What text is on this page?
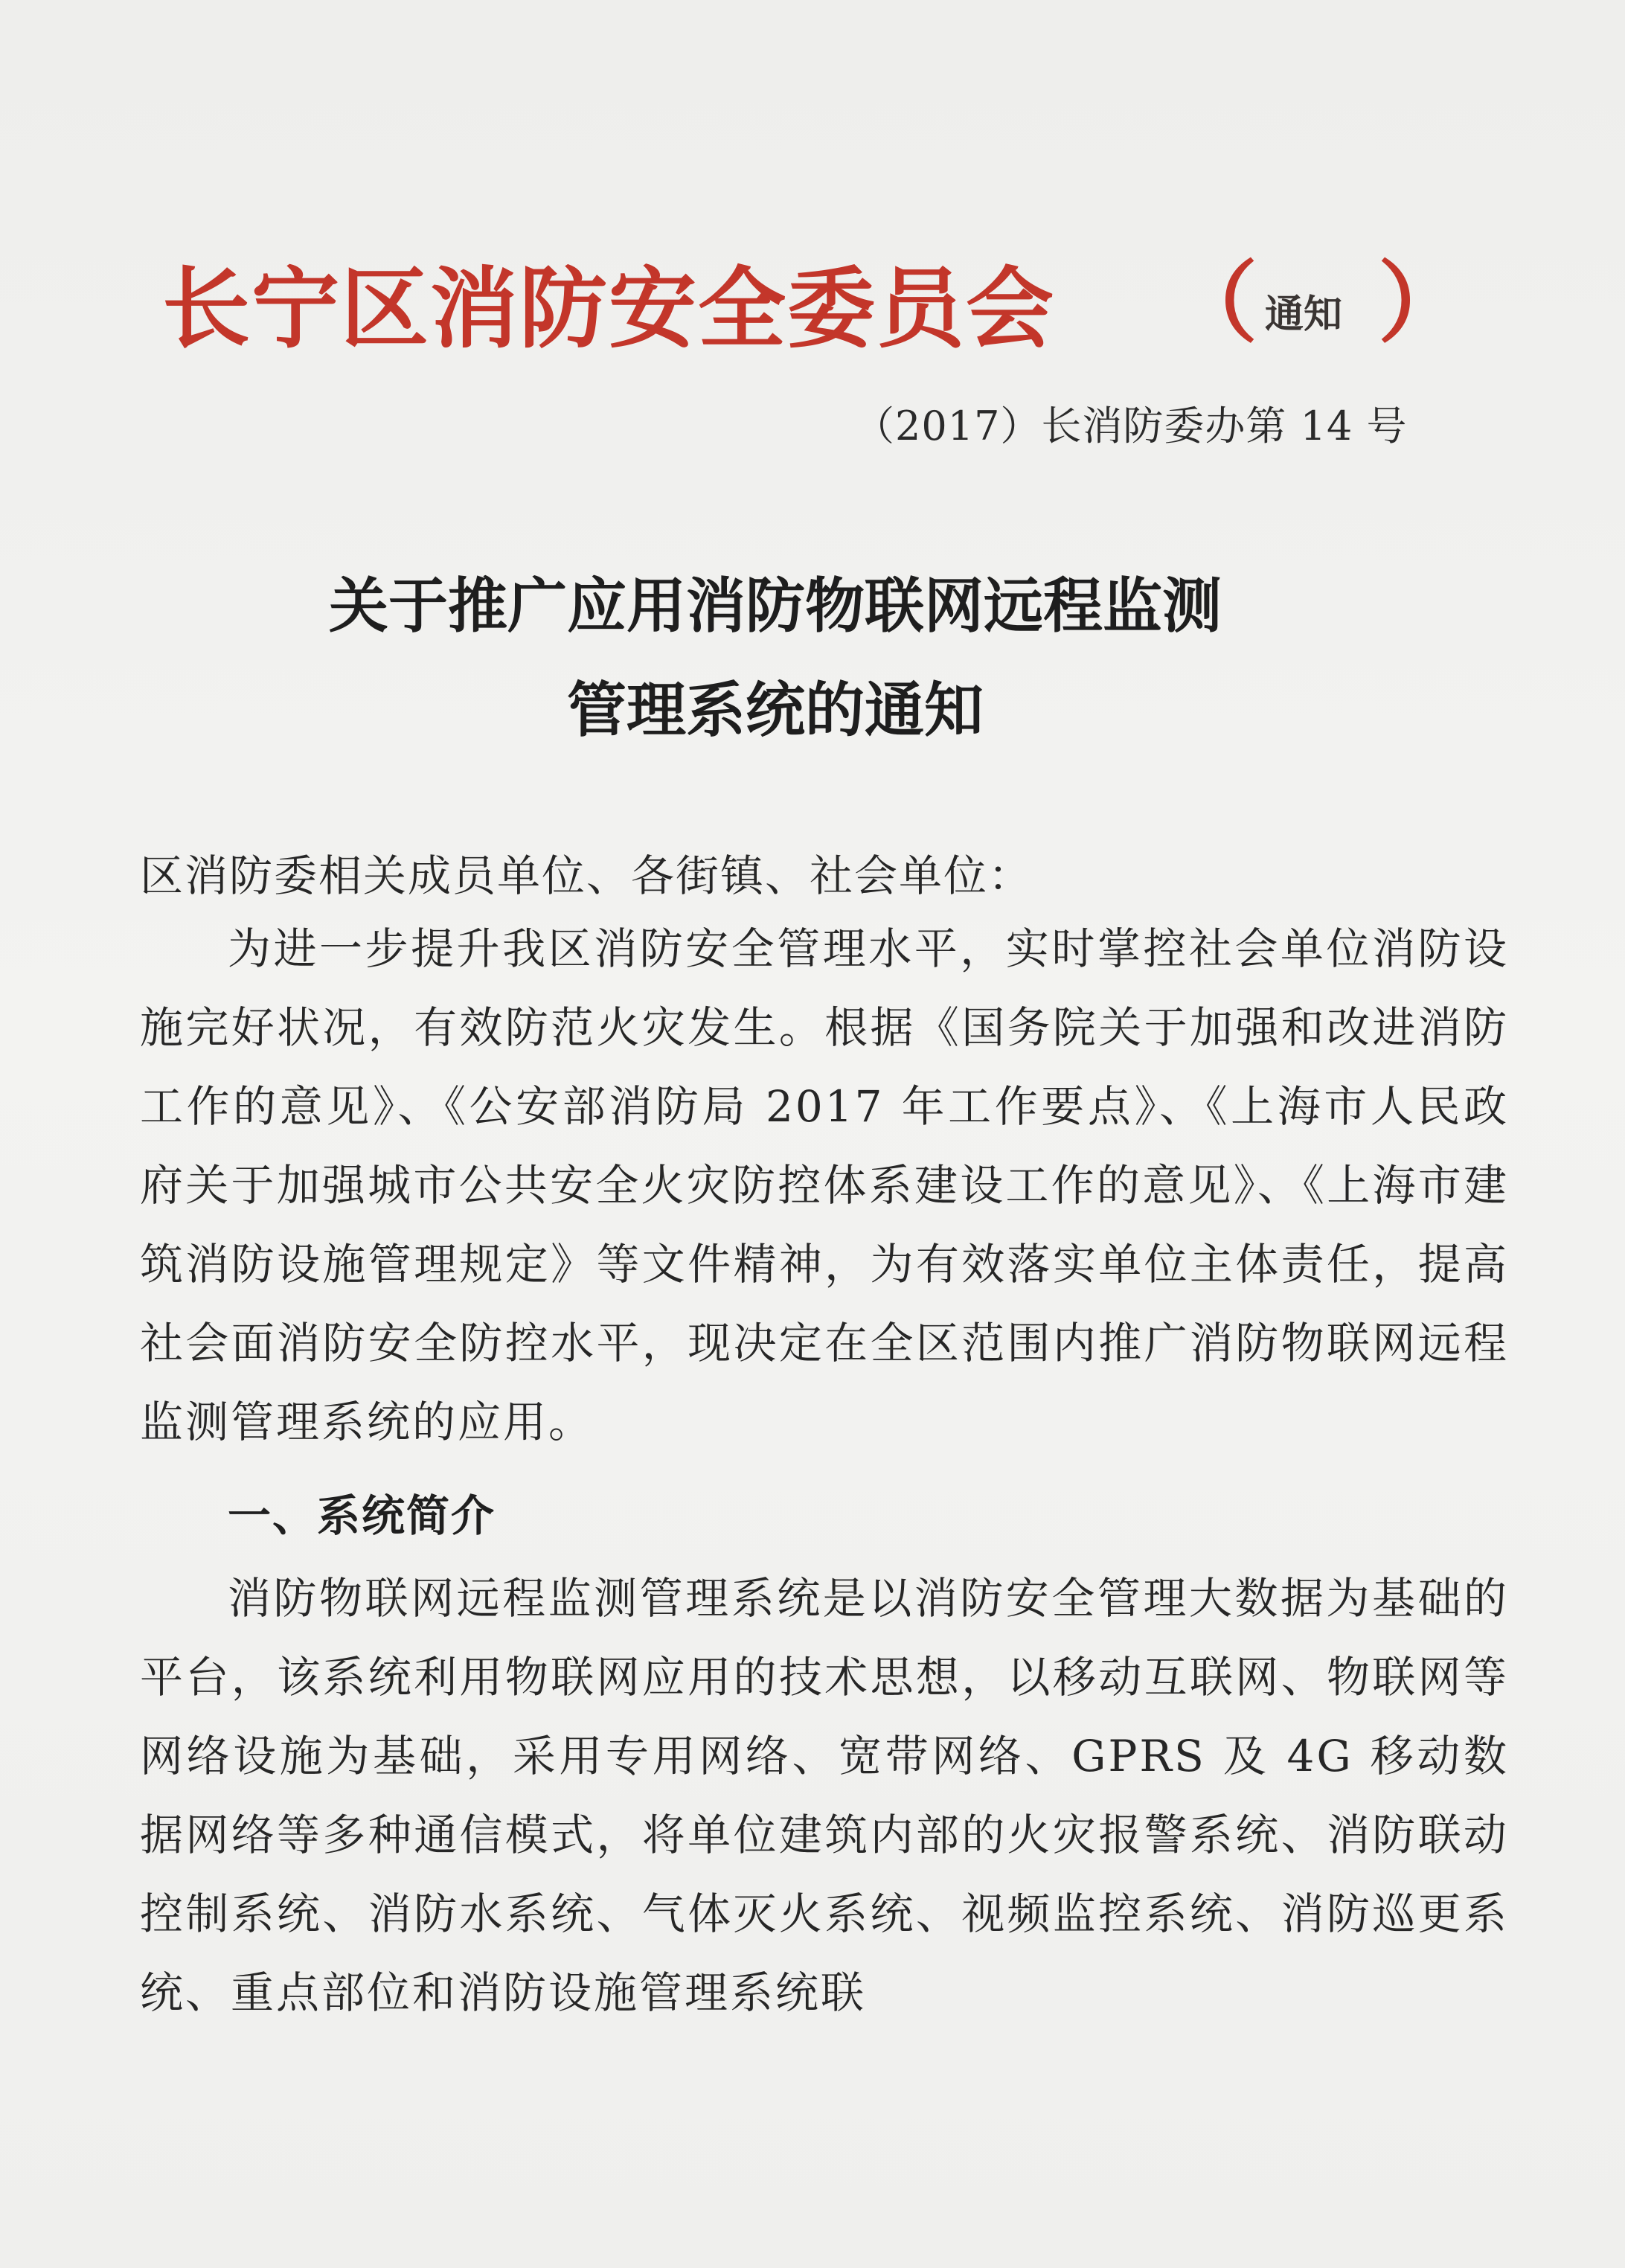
长宁区消防安全委员会 （ 通知 ）
（2017）长消防委办第 14 号
关于推广应用消防物联网远程监测
管理系统的通知
区消防委相关成员单位、各街镇、社会单位：
为进一步提升我区消防安全管理水平，实时掌控社会单位消防设施完好状况，有效防范火灾发生。根据《国务院关于加强和改进消防工作的意见》、《公安部消防局 2017 年工作要点》、《上海市人民政府关于加强城市公共安全火灾防控体系建设工作的意见》、《上海市建筑消防设施管理规定》等文件精神，为有效落实单位主体责任，提高社会面消防安全防控水平，现决定在全区范围内推广消防物联网远程监测管理系统的应用。
一、系统简介
消防物联网远程监测管理系统是以消防安全管理大数据为基础的平台，该系统利用物联网应用的技术思想，以移动互联网、物联网等网络设施为基础，采用专用网络、宽带网络、GPRS 及 4G 移动数据网络等多种通信模式，将单位建筑内部的火灾报警系统、消防联动控制系统、消防水系统、气体灭火系统、视频监控系统、消防巡更系统、重点部位和消防设施管理系统联
